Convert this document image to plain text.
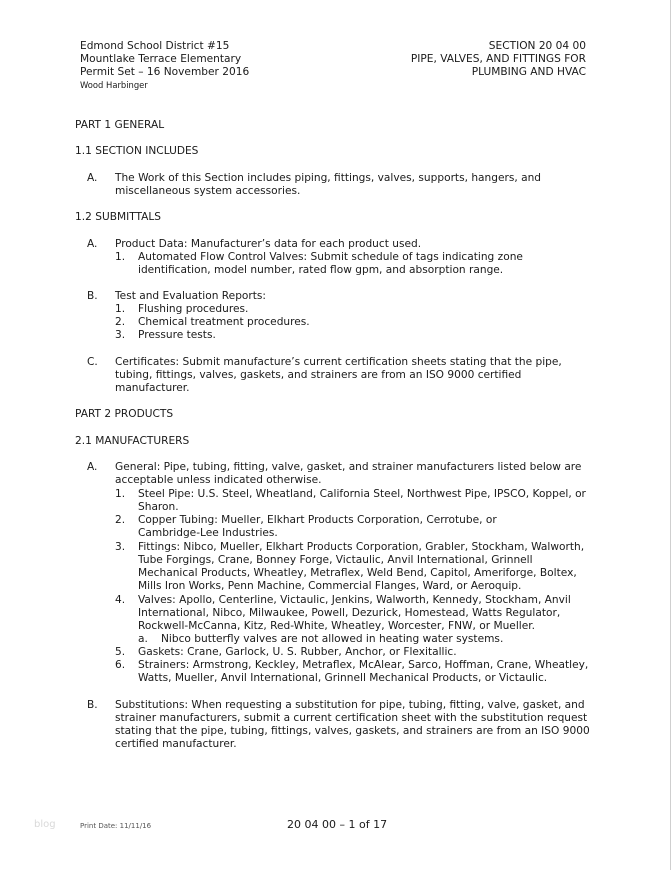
Edmond School District #15
Mountlake Terrace Elementary
Permit Set – 16 November 2016
Wood Harbinger
SECTION 20 04 00
PIPE, VALVES, AND FITTINGS FOR
PLUMBING AND HVAC
PART 1 GENERAL
1.1 SECTION INCLUDES
A. The Work of this Section includes piping, fittings, valves, supports, hangers, and
miscellaneous system accessories.
1.2 SUBMITTALS
A. Product Data: Manufacturer’s data for each product used.
1. Automated Flow Control Valves: Submit schedule of tags indicating zone
identification, model number, rated flow gpm, and absorption range.
B. Test and Evaluation Reports:
1. Flushing procedures.
2. Chemical treatment procedures.
3. Pressure tests.
C. Certificates: Submit manufacture’s current certification sheets stating that the pipe,
tubing, fittings, valves, gaskets, and strainers are from an ISO 9000 certified
manufacturer.
PART 2 PRODUCTS
2.1 MANUFACTURERS
A. General: Pipe, tubing, fitting, valve, gasket, and strainer manufacturers listed below are
acceptable unless indicated otherwise.
1. Steel Pipe: U.S. Steel, Wheatland, California Steel, Northwest Pipe, IPSCO, Koppel, or
Sharon.
2. Copper Tubing: Mueller, Elkhart Products Corporation, Cerrotube, or
Cambridge-Lee Industries.
3. Fittings: Nibco, Mueller, Elkhart Products Corporation, Grabler, Stockham, Walworth,
Tube Forgings, Crane, Bonney Forge, Victaulic, Anvil International, Grinnell
Mechanical Products, Wheatley, Metraflex, Weld Bend, Capitol, Ameriforge, Boltex,
Mills Iron Works, Penn Machine, Commercial Flanges, Ward, or Aeroquip.
4. Valves: Apollo, Centerline, Victaulic, Jenkins, Walworth, Kennedy, Stockham, Anvil
International, Nibco, Milwaukee, Powell, Dezurick, Homestead, Watts Regulator,
Rockwell-McCanna, Kitz, Red-White, Wheatley, Worcester, FNW, or Mueller.
a. Nibco butterfly valves are not allowed in heating water systems.
5. Gaskets: Crane, Garlock, U. S. Rubber, Anchor, or Flexitallic.
6. Strainers: Armstrong, Keckley, Metraflex, McAlear, Sarco, Hoffman, Crane, Wheatley,
Watts, Mueller, Anvil International, Grinnell Mechanical Products, or Victaulic.
B. Substitutions: When requesting a substitution for pipe, tubing, fitting, valve, gasket, and
strainer manufacturers, submit a current certification sheet with the substitution request
stating that the pipe, tubing, fittings, valves, gaskets, and strainers are from an ISO 9000
certified manufacturer.
blog	Print Date: 11/11/16	20 04 00 – 1 of 17
